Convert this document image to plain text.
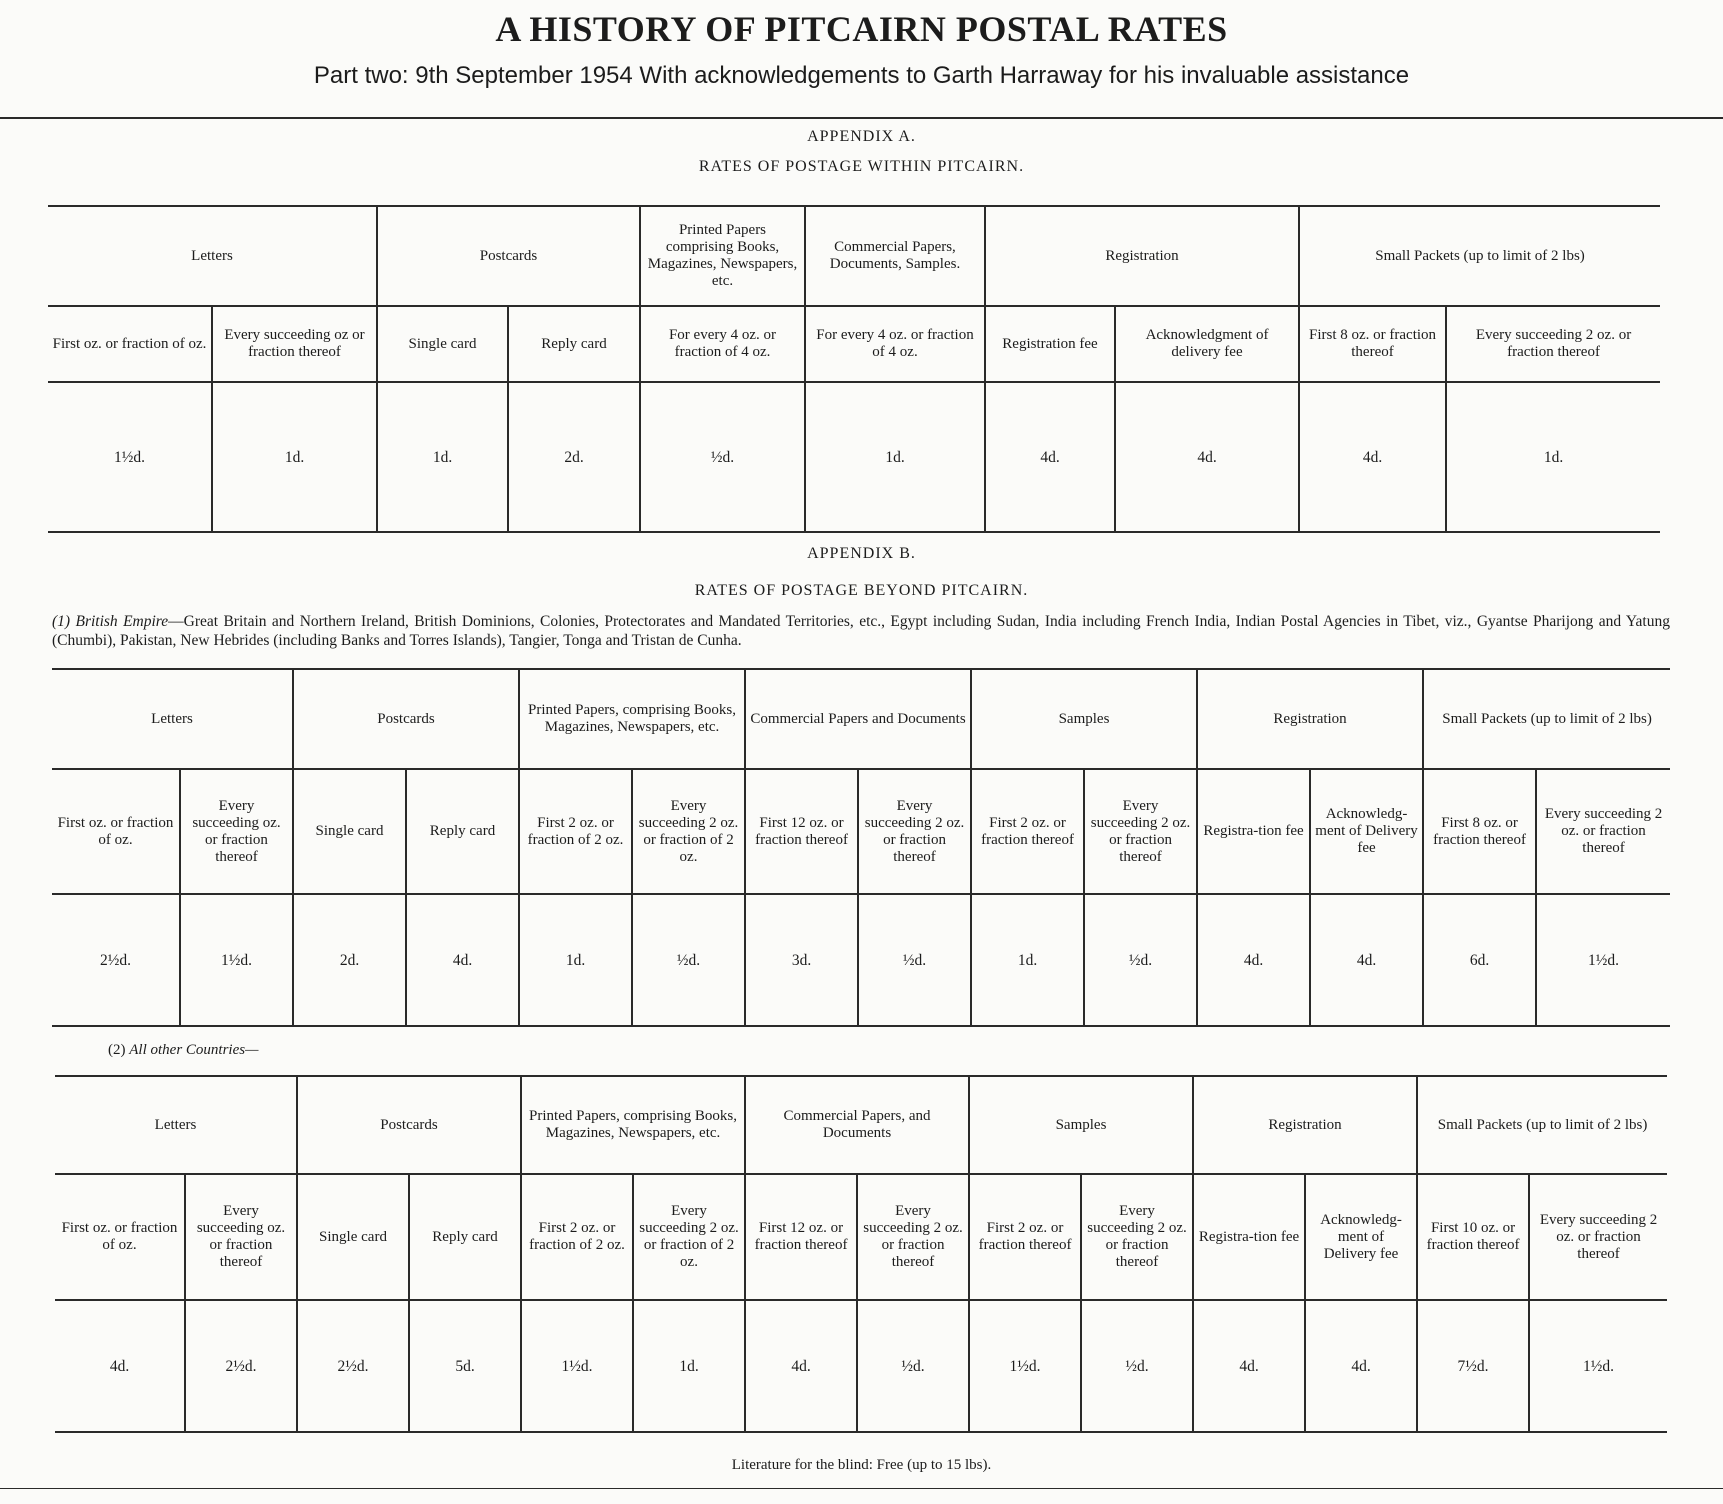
A HISTORY OF PITCAIRN POSTAL RATES
Part two: 9th September 1954 With acknowledgements to Garth Harraway for his invaluable assistance
APPENDIX A.
RATES OF POSTAGE WITHIN PITCAIRN.
Letters		Postcards		Printed Papers comprising Books, Magazines, Newspapers, etc.	Commercial Papers, Documents, Samples.	Registration		Small Packets (up to limit of 2 lbs)	
First oz. or fraction of oz.	Every succeeding oz or fraction thereof	Single card	Reply card	For every 4 oz. or fraction of 4 oz.	For every 4 oz. or fraction of 4 oz.	Registration fee	Acknowledgment of delivery fee	First 8 oz. or fraction thereof	Every succeeding 2 oz. or fraction thereof
1½d.	1d.	1d.	2d.	½d.	1d.	4d.	4d.	4d.	1d.
APPENDIX B.
RATES OF POSTAGE BEYOND PITCAIRN.
(1) British Empire—Great Britain and Northern Ireland, British Dominions, Colonies, Protectorates and Mandated Territories, etc., Egypt including Sudan, India including French India, Indian Postal Agencies in Tibet, viz., Gyantse Pharijong and Yatung (Chumbi), Pakistan, New Hebrides (including Banks and Torres Islands), Tangier, Tonga and Tristan de Cunha.
Letters		Postcards		Printed Papers, comprising Books, Magazines, Newspapers, etc.		Commercial Papers and Documents		Samples		Registration		Small Packets (up to limit of 2 lbs)	
First oz. or fraction of oz.	Every succeeding oz. or fraction thereof	Single card	Reply card	First 2 oz. or fraction of 2 oz.	Every succeeding 2 oz. or fraction of 2 oz.	First 12 oz. or fraction thereof	Every succeeding 2 oz. or fraction thereof	First 2 oz. or fraction thereof	Every succeeding 2 oz. or fraction thereof	Registra-tion fee	Acknowledg-ment of Delivery fee	First 8 oz. or fraction thereof	Every succeeding 2 oz. or fraction thereof
2½d.	1½d.	2d.	4d.	1d.	½d.	3d.	½d.	1d.	½d.	4d.	4d.	6d.	1½d.
(2) All other Countries—
Letters		Postcards		Printed Papers, comprising Books, Magazines, Newspapers, etc.		Commercial Papers, and Documents		Samples		Registration		Small Packets (up to limit of 2 lbs)	
First oz. or fraction of oz.	Every succeeding oz. or fraction thereof	Single card	Reply card	First 2 oz. or fraction of 2 oz.	Every succeeding 2 oz. or fraction of 2 oz.	First 12 oz. or fraction thereof	Every succeeding 2 oz. or fraction thereof	First 2 oz. or fraction thereof	Every succeeding 2 oz. or fraction thereof	Registra-tion fee	Acknowledg-ment of Delivery fee	First 10 oz. or fraction thereof	Every succeeding 2 oz. or fraction thereof
4d.	2½d.	2½d.	5d.	1½d.	1d.	4d.	½d.	1½d.	½d.	4d.	4d.	7½d.	1½d.
Literature for the blind: Free (up to 15 lbs).
